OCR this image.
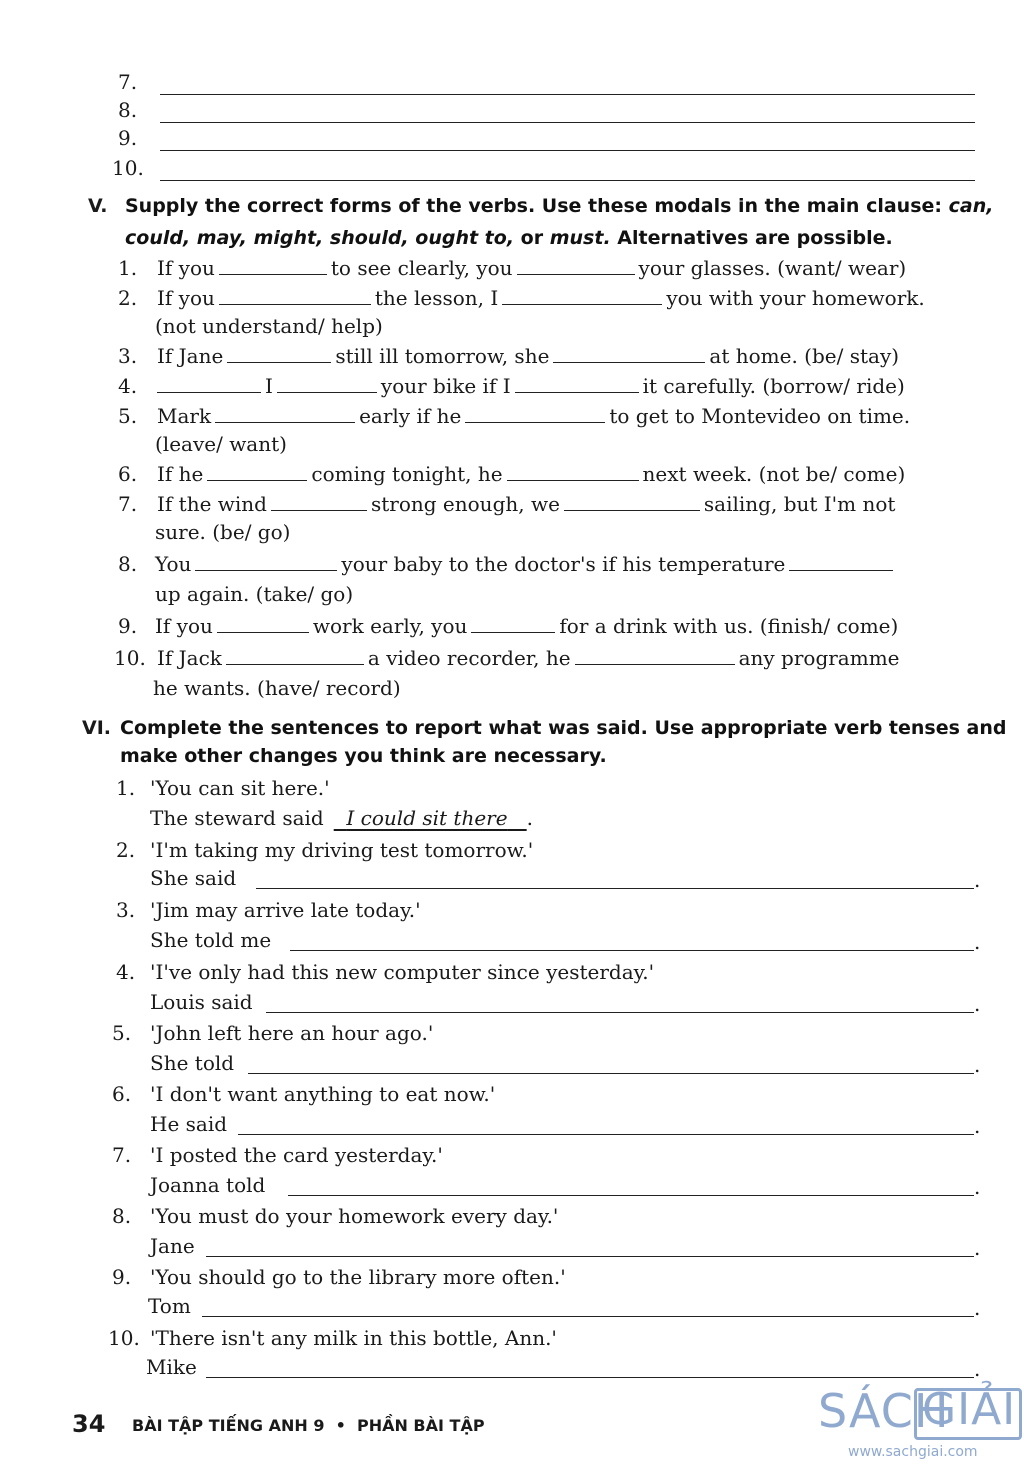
7.
8.
9.
10.
V. Supply the correct forms of the verbs. Use these modals in the main clause: can,
could, may, might, should, ought to, or must. Alternatives are possible.
1. If you	to see clearly, you	your glasses. (want/ wear)
2. If you	the lesson, I	you with your homework.
(not understand/ help)
3. If Jane	still ill tomorrow, she	at home. (be/ stay)
4.	I	your bike if I	it carefully. (borrow/ ride)
5. Mark	early if he	to get to Montevideo on time.
(leave/ want)
6. If he	coming tonight, he	next week. (not be/ come)
7. If the wind	strong enough, we	sailing, but I'm not
sure. (be/ go)
8. You	your baby to the doctor's if his temperature
up again. (take/ go)
9. If you	work early, you	for a drink with us. (finish/ come)
10. If Jack	a video recorder, he	any programme
he wants. (have/ record)
VI. Complete the sentences to report what was said. Use appropriate verb tenses and
make other changes you think are necessary.
1. 'You can sit here.'
The steward said I could sit there .
2. 'I'm taking my driving test tomorrow.'
She said	.
3. 'Jim may arrive late today.'
She told me	.
4. 'I've only had this new computer since yesterday.'
Louis said	.
5. 'John left here an hour ago.'
She told	.
6. 'I don't want anything to eat now.'
He said	.
7. 'I posted the card yesterday.'
Joanna told	.
8. 'You must do your homework every day.'
Jane	.
9. 'You should go to the library more often.'
Tom	.
10. 'There isn't any milk in this bottle, Ann.'
Mike	.
34 BÀI TẬP TIẾNG ANH 9 • PHẦN BÀI TẬP	SÁCH
GIẢI
www.sachgiai.com
